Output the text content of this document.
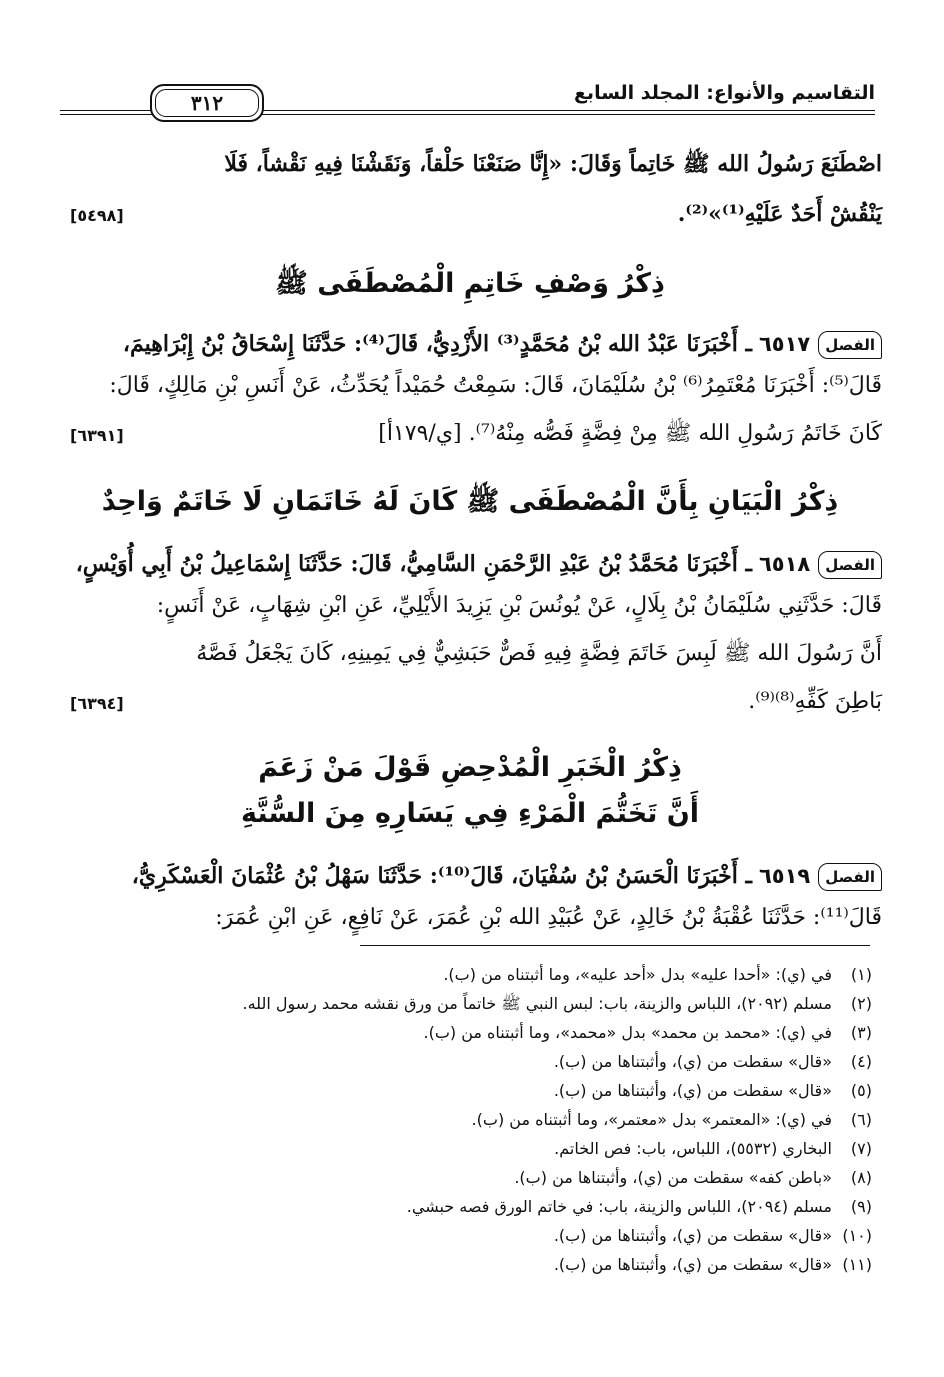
التقاسيم والأنواع: المجلد السابع
٣١٢
اصْطَنَعَ رَسُولُ الله ﷺ خَاتِماً وَقَالَ: «إِنَّا صَنَعْنَا حَلْقاً، وَنَقَشْنَا فِيهِ نَقْشاً، فَلَا
يَنْقُشْ أَحَدٌ عَلَيْهِ⁽¹⁾»⁽²⁾.
[٥٤٩٨]
ذِكْرُ وَصْفِ خَاتِمِ الْمُصْطَفَى ﷺ
الفصل٦٥١٧ ـ أَخْبَرَنَا عَبْدُ الله بْنُ مُحَمَّدٍ⁽³⁾ الأَزْدِيُّ، قَالَ⁽⁴⁾: حَدَّثَنَا إِسْحَاقُ بْنُ إِبْرَاهِيمَ،
قَالَ⁽⁵⁾: أَخْبَرَنَا مُعْتَمِرُ⁽⁶⁾ بْنُ سُلَيْمَانَ، قَالَ: سَمِعْتُ حُمَيْداً يُحَدِّثُ، عَنْ أَنَسِ بْنِ مَالِكٍ، قَالَ:
كَانَ خَاتَمُ رَسُولِ الله ﷺ مِنْ فِضَّةٍ فَصُّه مِنْهُ⁽⁷⁾. [ي/١٧٩أ]
[٦٣٩١]
ذِكْرُ الْبَيَانِ بِأَنَّ الْمُصْطَفَى ﷺ كَانَ لَهُ خَاتَمَانِ لَا خَاتَمٌ وَاحِدٌ
الفصل٦٥١٨ ـ أَخْبَرَنَا مُحَمَّدُ بْنُ عَبْدِ الرَّحْمَنِ السَّامِيُّ، قَالَ: حَدَّثَنَا إِسْمَاعِيلُ بْنُ أَبِي أُوَيْسٍ،
قَالَ: حَدَّثَنِي سُلَيْمَانُ بْنُ بِلَالٍ، عَنْ يُونُسَ بْنِ يَزِيدَ الأَيْلِيِّ، عَنِ ابْنِ شِهَابٍ، عَنْ أَنَسٍ:
أَنَّ رَسُولَ الله ﷺ لَبِسَ خَاتَمَ فِضَّةٍ فِيهِ فَصٌّ حَبَشِيٌّ فِي يَمِينِهِ، كَانَ يَجْعَلُ فَصَّهُ
بَاطِنَ كَفِّهِ⁽⁸⁾⁽⁹⁾.
[٦٣٩٤]
ذِكْرُ الْخَبَرِ الْمُدْحِضِ قَوْلَ مَنْ زَعَمَ
أَنَّ تَخَتُّمَ الْمَرْءِ فِي يَسَارِهِ مِنَ السُّنَّةِ
الفصل٦٥١٩ ـ أَخْبَرَنَا الْحَسَنُ بْنُ سُفْيَانَ، قَالَ⁽¹⁰⁾: حَدَّثَنَا سَهْلُ بْنُ عُثْمَانَ الْعَسْكَرِيُّ،
قَالَ⁽¹¹⁾: حَدَّثَنَا عُقْبَةُ بْنُ خَالِدٍ، عَنْ عُبَيْدِ الله بْنِ عُمَرَ، عَنْ نَافِعٍ، عَنِ ابْنِ عُمَرَ:
(١)في (ي): «أحدا عليه» بدل «أحد عليه»، وما أثبتناه من (ب).
(٢)مسلم (٢٠٩٢)، اللباس والزينة، باب: لبس النبي ﷺ خاتماً من ورق نقشه محمد رسول الله.
(٣)في (ي): «محمد بن محمد» بدل «محمد»، وما أثبتناه من (ب).
(٤)«قال» سقطت من (ي)، وأثبتناها من (ب).
(٥)«قال» سقطت من (ي)، وأثبتناها من (ب).
(٦)في (ي): «المعتمر» بدل «معتمر»، وما أثبتناه من (ب).
(٧)البخاري (٥٥٣٢)، اللباس، باب: فص الخاتم.
(٨)«باطن كفه» سقطت من (ي)، وأثبتناها من (ب).
(٩)مسلم (٢٠٩٤)، اللباس والزينة، باب: في خاتم الورق فصه حبشي.
(١٠)«قال» سقطت من (ي)، وأثبتناها من (ب).
(١١)«قال» سقطت من (ي)، وأثبتناها من (ب).
